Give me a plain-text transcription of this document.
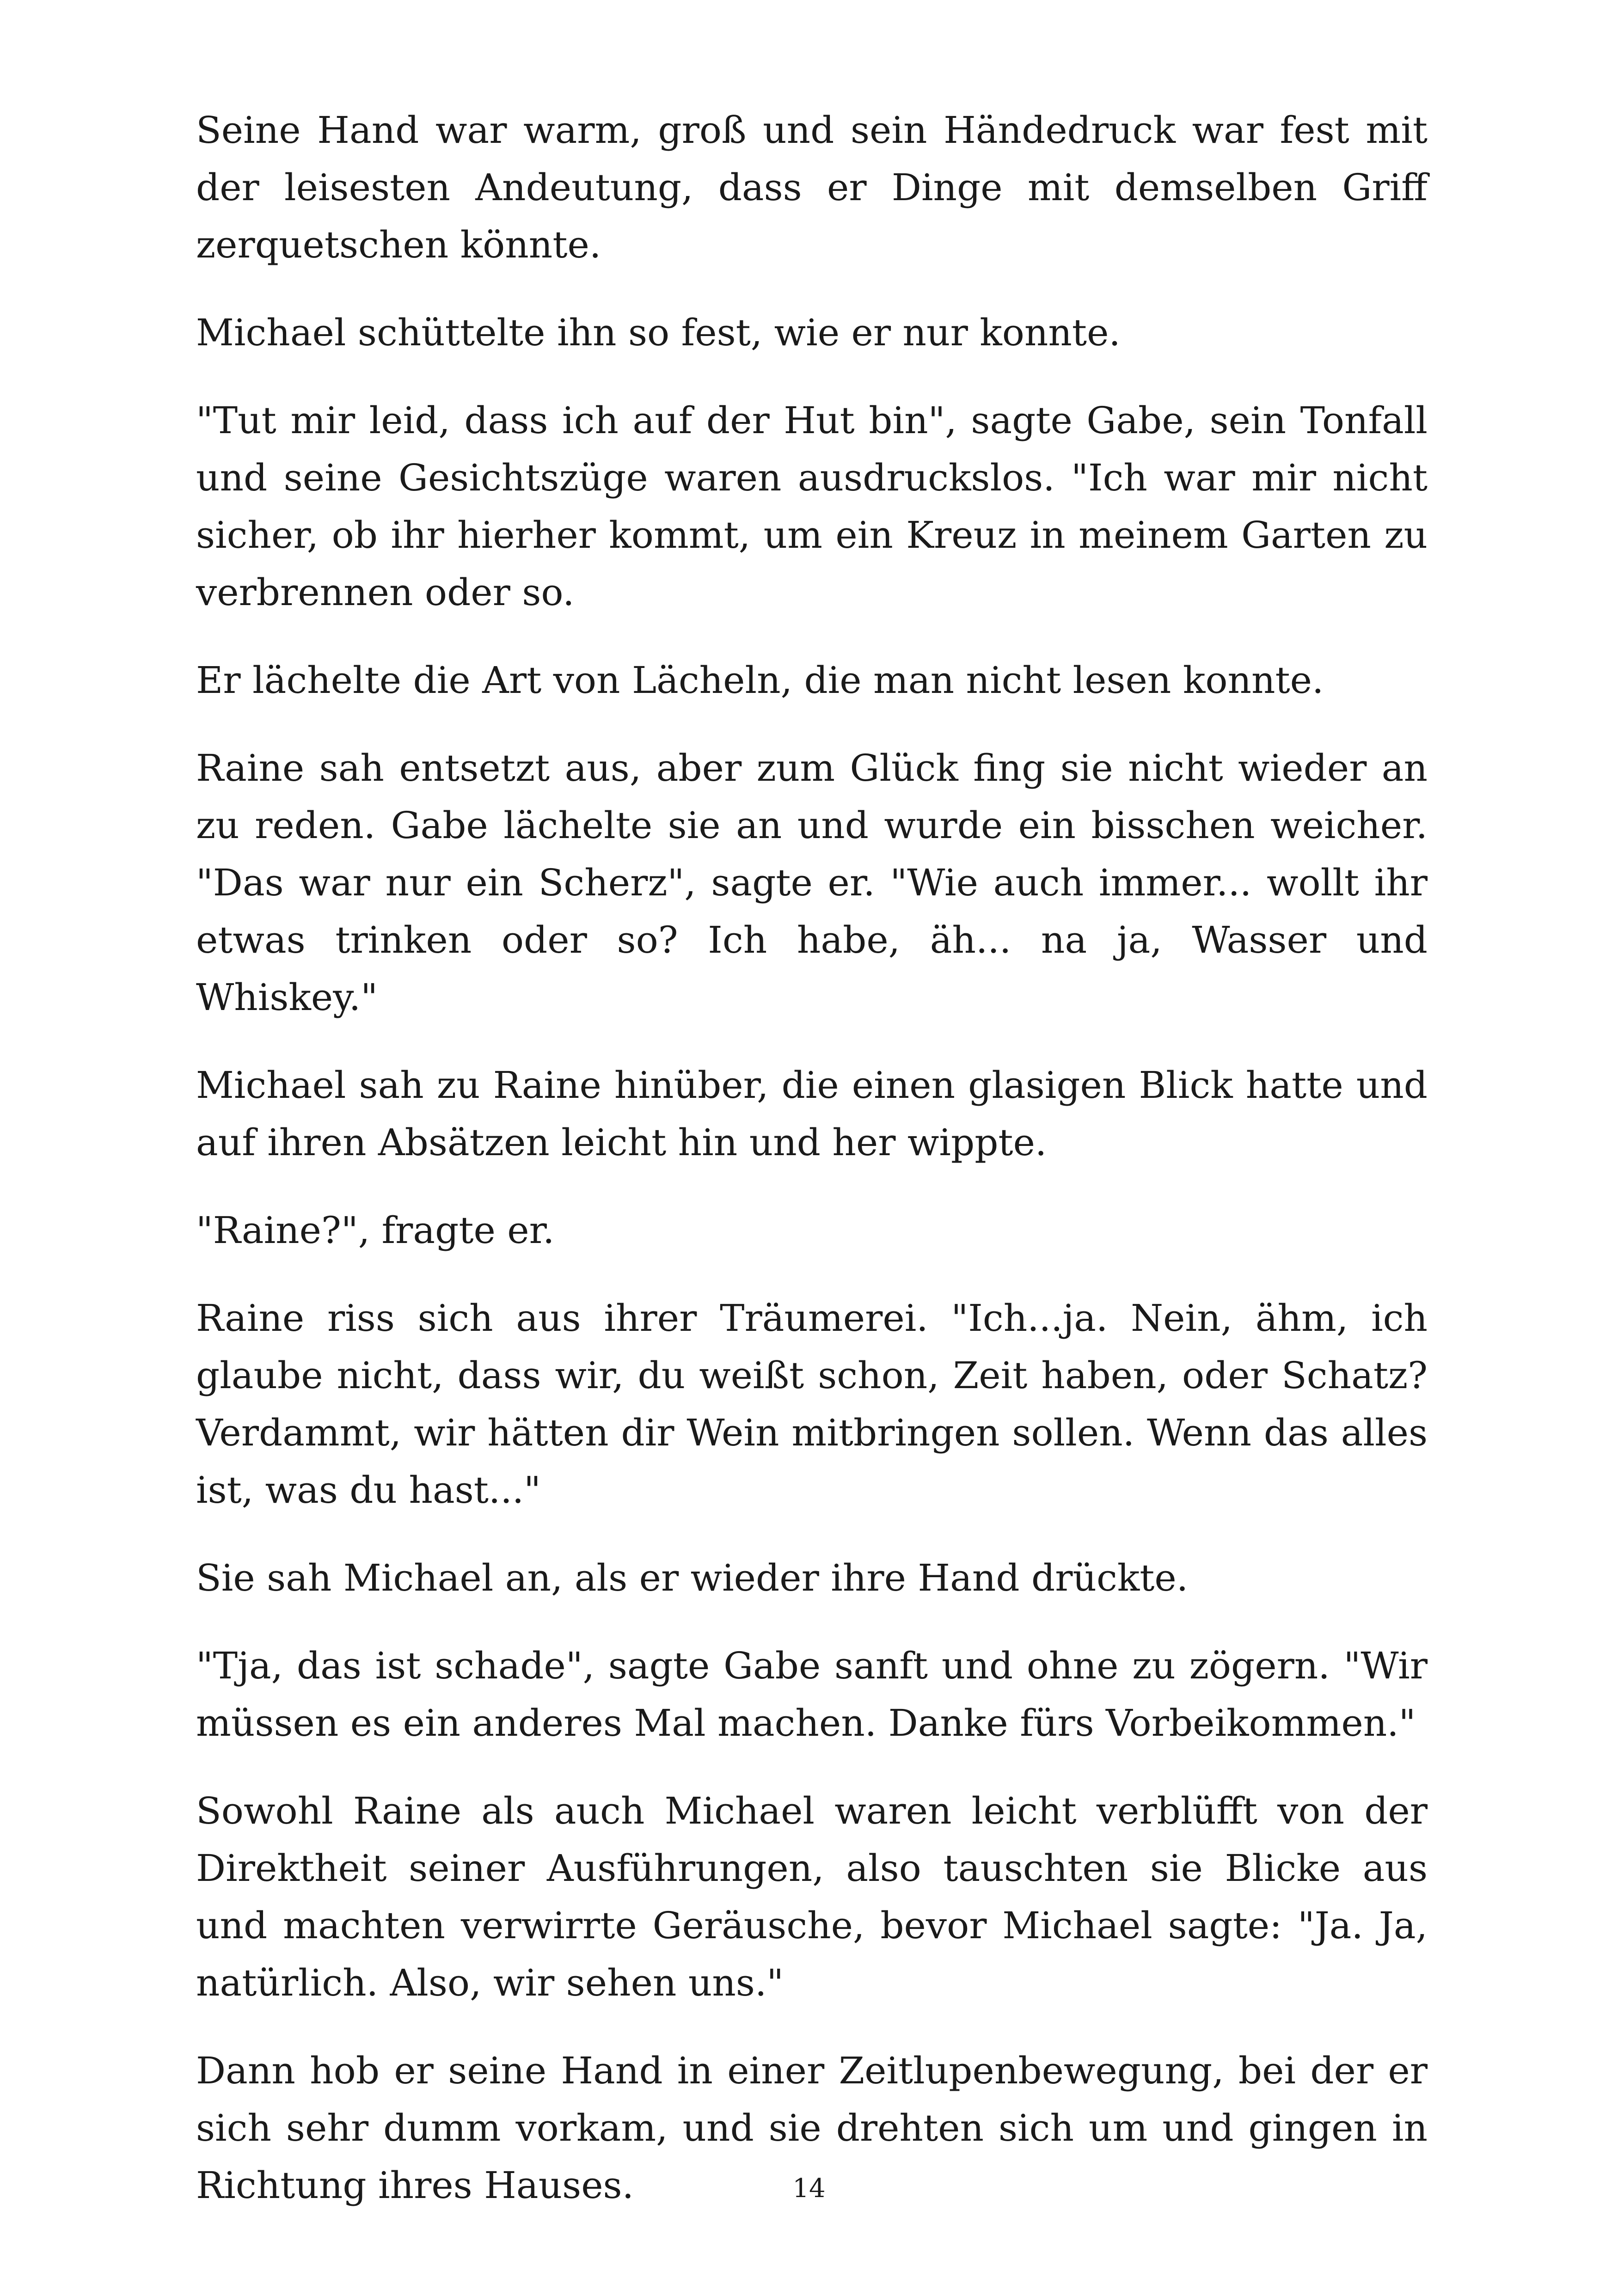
Seine Hand war warm, groß und sein Händedruck war fest mit der leisesten Andeutung, dass er Dinge mit demselben Griff zerquetschen könnte.

Michael schüttelte ihn so fest, wie er nur konnte.

"Tut mir leid, dass ich auf der Hut bin", sagte Gabe, sein Tonfall und seine Gesichtszüge waren ausdruckslos. "Ich war mir nicht sicher, ob ihr hierher kommt, um ein Kreuz in meinem Garten zu verbrennen oder so.

Er lächelte die Art von Lächeln, die man nicht lesen konnte.

Raine sah entsetzt aus, aber zum Glück fing sie nicht wieder an zu reden. Gabe lächelte sie an und wurde ein bisschen weicher. "Das war nur ein Scherz", sagte er. "Wie auch immer... wollt ihr etwas trinken oder so? Ich habe, äh... na ja, Wasser und Whiskey."

Michael sah zu Raine hinüber, die einen glasigen Blick hatte und auf ihren Absätzen leicht hin und her wippte.

"Raine?", fragte er.

Raine riss sich aus ihrer Träumerei. "Ich...ja. Nein, ähm, ich glaube nicht, dass wir, du weißt schon, Zeit haben, oder Schatz? Verdammt, wir hätten dir Wein mitbringen sollen. Wenn das alles ist, was du hast..."

Sie sah Michael an, als er wieder ihre Hand drückte.

"Tja, das ist schade", sagte Gabe sanft und ohne zu zögern. "Wir müssen es ein anderes Mal machen. Danke fürs Vorbeikommen."

Sowohl Raine als auch Michael waren leicht verblüfft von der Direktheit seiner Ausführungen, also tauschten sie Blicke aus und machten verwirrte Geräusche, bevor Michael sagte: "Ja. Ja, natürlich. Also, wir sehen uns."

Dann hob er seine Hand in einer Zeitlupenbewegung, bei der er sich sehr dumm vorkam, und sie drehten sich um und gingen in Richtung ihres Hauses.	14
